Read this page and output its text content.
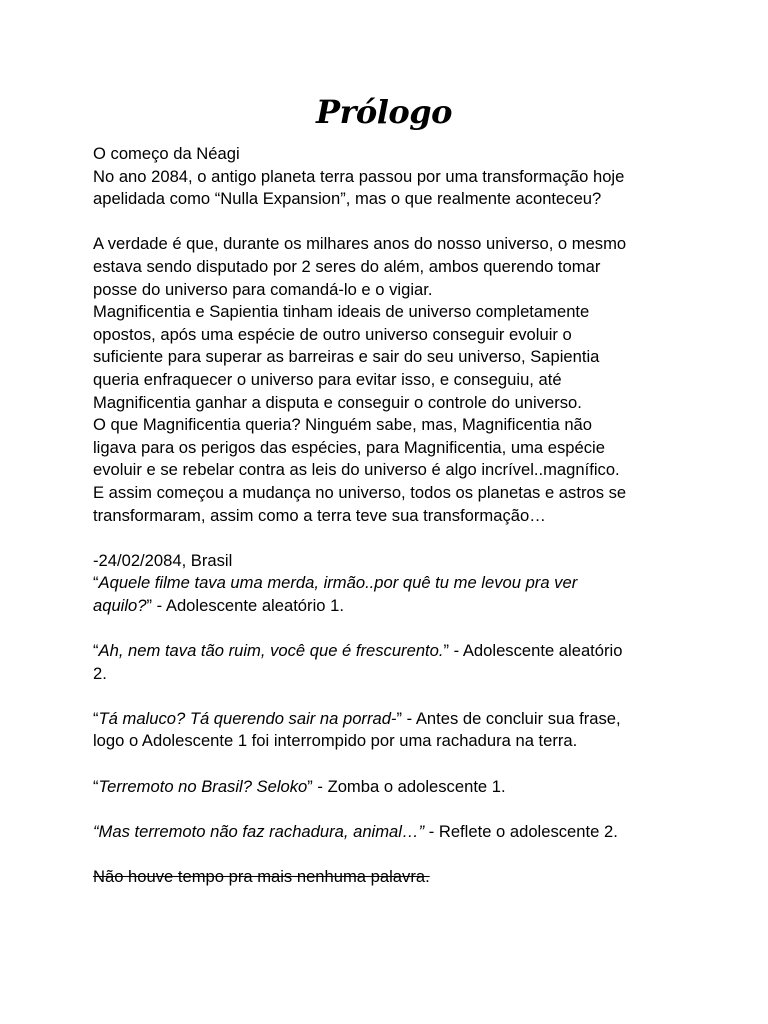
Prólogo
O começo da Néagi
No ano 2084, o antigo planeta terra passou por uma transformação hoje
apelidada como “Nulla Expansion”, mas o que realmente aconteceu?
A verdade é que, durante os milhares anos do nosso universo, o mesmo
estava sendo disputado por 2 seres do além, ambos querendo tomar
posse do universo para comandá-lo e o vigiar.
Magnificentia e Sapientia tinham ideais de universo completamente
opostos, após uma espécie de outro universo conseguir evoluir o
suficiente para superar as barreiras e sair do seu universo, Sapientia
queria enfraquecer o universo para evitar isso, e conseguiu, até
Magnificentia ganhar a disputa e conseguir o controle do universo.
O que Magnificentia queria? Ninguém sabe, mas, Magnificentia não
ligava para os perigos das espécies, para Magnificentia, uma espécie
evoluir e se rebelar contra as leis do universo é algo incrível..magnífico.
E assim começou a mudança no universo, todos os planetas e astros se
transformaram, assim como a terra teve sua transformação…
-24/02/2084, Brasil
“Aquele filme tava uma merda, irmão..por quê tu me levou pra ver
aquilo?” - Adolescente aleatório 1.
“Ah, nem tava tão ruim, você que é frescurento.” - Adolescente aleatório
2.
“Tá maluco? Tá querendo sair na porrad-” - Antes de concluir sua frase,
logo o Adolescente 1 foi interrompido por uma rachadura na terra.
“Terremoto no Brasil? Seloko” - Zomba o adolescente 1.
“Mas terremoto não faz rachadura, animal…” - Reflete o adolescente 2.
Não houve tempo pra mais nenhuma palavra.
